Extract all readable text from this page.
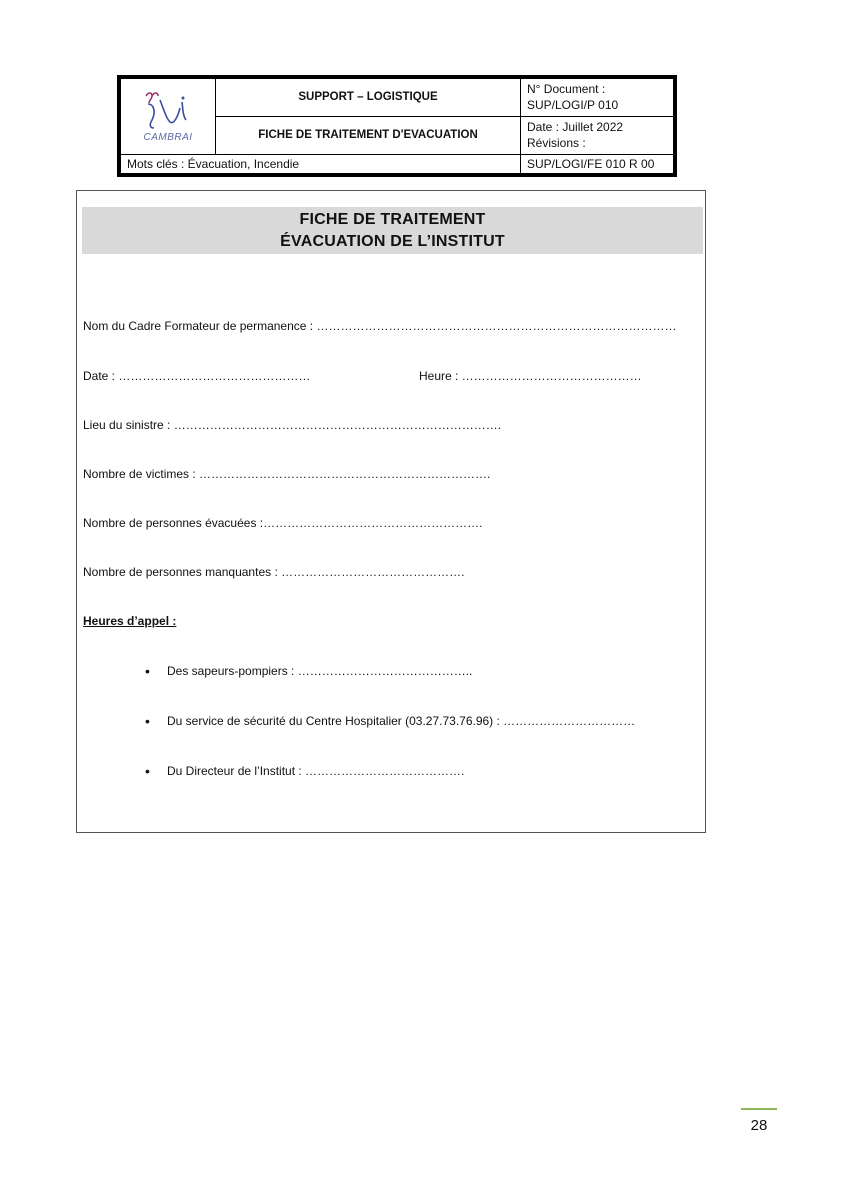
CAMBRAI	SUPPORT – LOGISTIQUE	N° Document :
SUP/LOGI/P 010

	FICHE DE TRAITEMENT D'EVACUATION	Date : Juillet 2022
Révisions :

Mots clés : Évacuation, Incendie		SUP/LOGI/FE 010 R 00
FICHE DE TRAITEMENT
ÉVACUATION DE L’INSTITUT
Nom du Cadre Formateur de permanence : ………………………………………………………………………………
Date : …………………………………………	Heure : ………………………………………
Lieu du sinistre : ……………………………………………………………………….
Nombre de victimes : ……………………………………………………………….
Nombre de personnes évacuées :……………………………………………….
Nombre de personnes manquantes : ……………………………………….
Heures d’appel :
• Des sapeurs-pompiers : ……………………………………..
• Du service de sécurité du Centre Hospitalier (03.27.73.76.96) : ……………………………
• Du Directeur de l’Institut : ………………………………….
28
